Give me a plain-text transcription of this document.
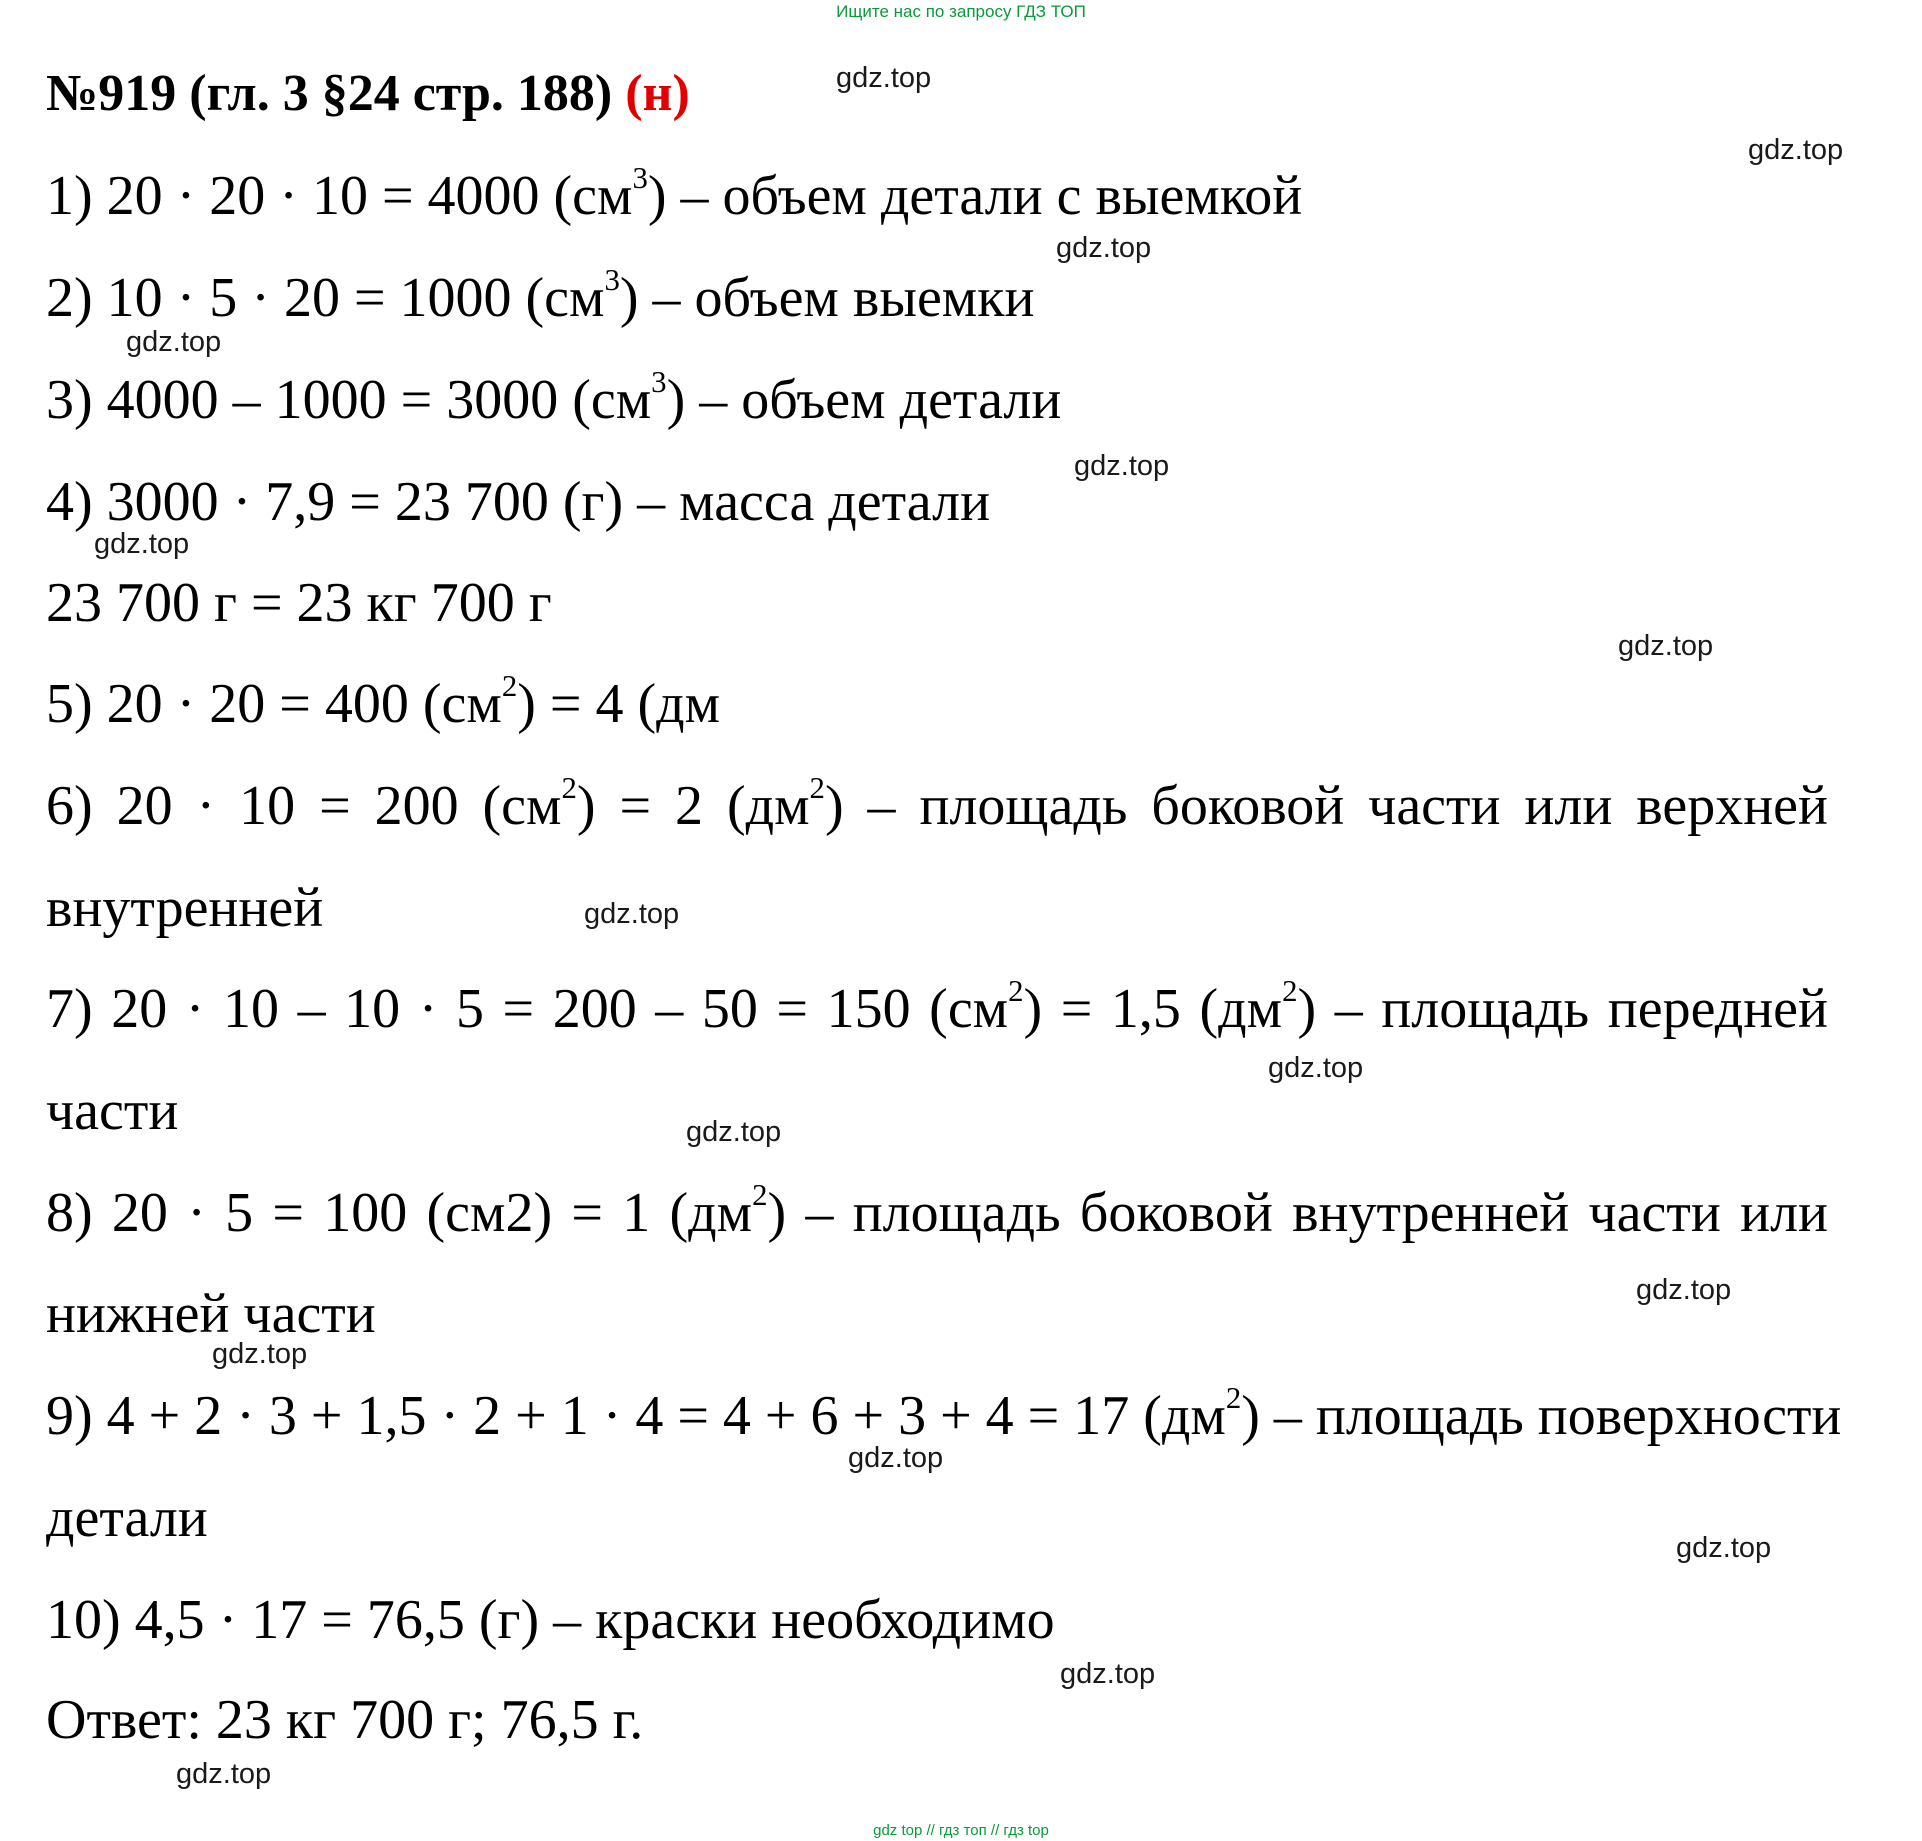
Ищите нас по запросу ГДЗ ТОП
№919 (гл. 3 §24 стр. 188) (н)
1) 20 · 20 · 10 = 4000 $(см^3)$ – объем детали с выемкой
2) 10 · 5 · 20 = 1000 $(см^3)$ – объем выемки
3) 4000 – 1000 = 3000 $(см^3)$ – объем детали
4) 3000 · 7,9 = 23 700 (г) – масса детали
23 700 г = 23 кг 700 г
5) 20 · 20 = 400 $(см^2) = 4$ (дм
6) 20 · 10 = 200 $(см^2) = 2$ $(дм^2)$ – площадь боковой части или верхней
внутренней
7) 20 · 10 – 10 · 5 = 200 – 50 = 150 $(см^2) = 1,5$ $(дм^2)$ – площадь передней
части
8) 20 · 5 = 100 (см2) = 1 $(дм^2)$ – площадь боковой внутренней части или
нижней части
9) 4 + 2 · 3 + 1,5 · 2 + 1 · 4 = 4 + 6 + 3 + 4 = 17 $(дм^2)$ – площадь поверхности
детали
10) 4,5 · 17 = 76,5 (г) – краски необходимо
Ответ: 23 кг 700 г; 76,5 г.
gdz.top
gdz.top
gdz.top
gdz.top
gdz.top
gdz.top
gdz.top
gdz.top
gdz.top
gdz.top
gdz.top
gdz.top
gdz.top
gdz.top
gdz.top
gdz.top
gdz top // гдз топ // гдз top
